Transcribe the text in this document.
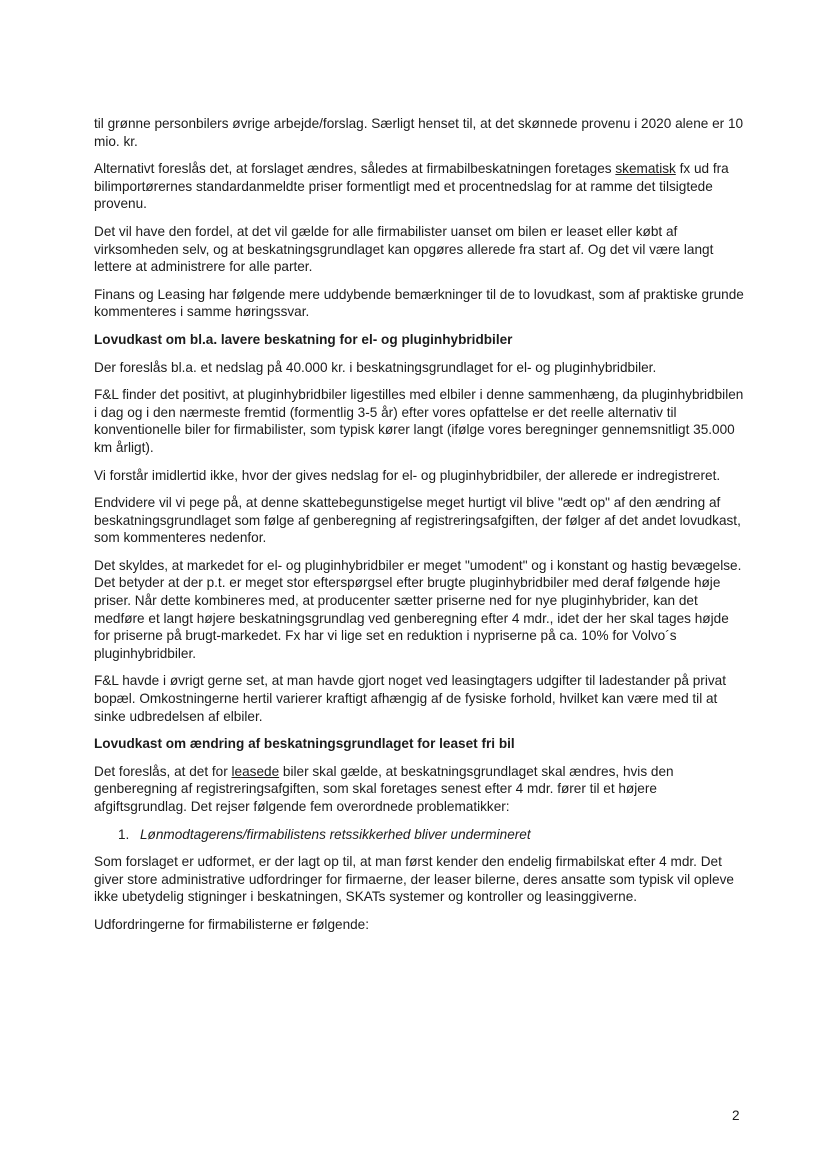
til grønne personbilers øvrige arbejde/forslag. Særligt henset til, at det skønnede provenu i 2020 alene er 10 mio. kr.

Alternativt foreslås det, at forslaget ændres, således at firmabilbeskatningen foretages skematisk fx ud fra bilimportørernes standardanmeldte priser formentligt med et procentnedslag for at ramme det tilsigtede provenu.

Det vil have den fordel, at det vil gælde for alle firmabilister uanset om bilen er leaset eller købt af virksomheden selv, og at beskatningsgrundlaget kan opgøres allerede fra start af. Og det vil være langt lettere at administrere for alle parter.

Finans og Leasing har følgende mere uddybende bemærkninger til de to lovudkast, som af praktiske grunde kommenteres i samme høringssvar.

Lovudkast om bl.a. lavere beskatning for el- og pluginhybridbiler

Der foreslås bl.a. et nedslag på 40.000 kr. i beskatningsgrundlaget for el- og pluginhybridbiler.

F&L finder det positivt, at pluginhybridbiler ligestilles med elbiler i denne sammenhæng, da pluginhybridbilen i dag og i den nærmeste fremtid (formentlig 3-5 år) efter vores opfattelse er det reelle alternativ til konventionelle biler for firmabilister, som typisk kører langt (ifølge vores beregninger gennemsnitligt 35.000 km årligt).

Vi forstår imidlertid ikke, hvor der gives nedslag for el- og pluginhybridbiler, der allerede er indregistreret.

Endvidere vil vi pege på, at denne skattebegunstigelse meget hurtigt vil blive "ædt op" af den ændring af beskatningsgrundlaget som følge af genberegning af registreringsafgiften, der følger af det andet lovudkast, som kommenteres nedenfor.

Det skyldes, at markedet for el- og pluginhybridbiler er meget "umodent" og i konstant og hastig bevægelse. Det betyder at der p.t. er meget stor efterspørgsel efter brugte pluginhybridbiler med deraf følgende høje priser. Når dette kombineres med, at producenter sætter priserne ned for nye pluginhybrider, kan det medføre et langt højere beskatningsgrundlag ved genberegning efter 4 mdr., idet der her skal tages højde for priserne på brugt-markedet. Fx har vi lige set en reduktion i nypriserne på ca. 10% for Volvo´s pluginhybridbiler.

F&L havde i øvrigt gerne set, at man havde gjort noget ved leasingtagers udgifter til ladestander på privat bopæl. Omkostningerne hertil varierer kraftigt afhængig af de fysiske forhold, hvilket kan være med til at sinke udbredelsen af elbiler.

Lovudkast om ændring af beskatningsgrundlaget for leaset fri bil

Det foreslås, at det for leasede biler skal gælde, at beskatningsgrundlaget skal ændres, hvis den genberegning af registreringsafgiften, som skal foretages senest efter 4 mdr. fører til et højere afgiftsgrundlag. Det rejser følgende fem overordnede problematikker:

1. Lønmodtagerens/firmabilistens retssikkerhed bliver undermineret

Som forslaget er udformet, er der lagt op til, at man først kender den endelig firmabilskat efter 4 mdr. Det giver store administrative udfordringer for firmaerne, der leaser bilerne, deres ansatte som typisk vil opleve ikke ubetydelig stigninger i beskatningen, SKATs systemer og kontroller og leasinggiverne.

Udfordringerne for firmabilisterne er følgende:

2
